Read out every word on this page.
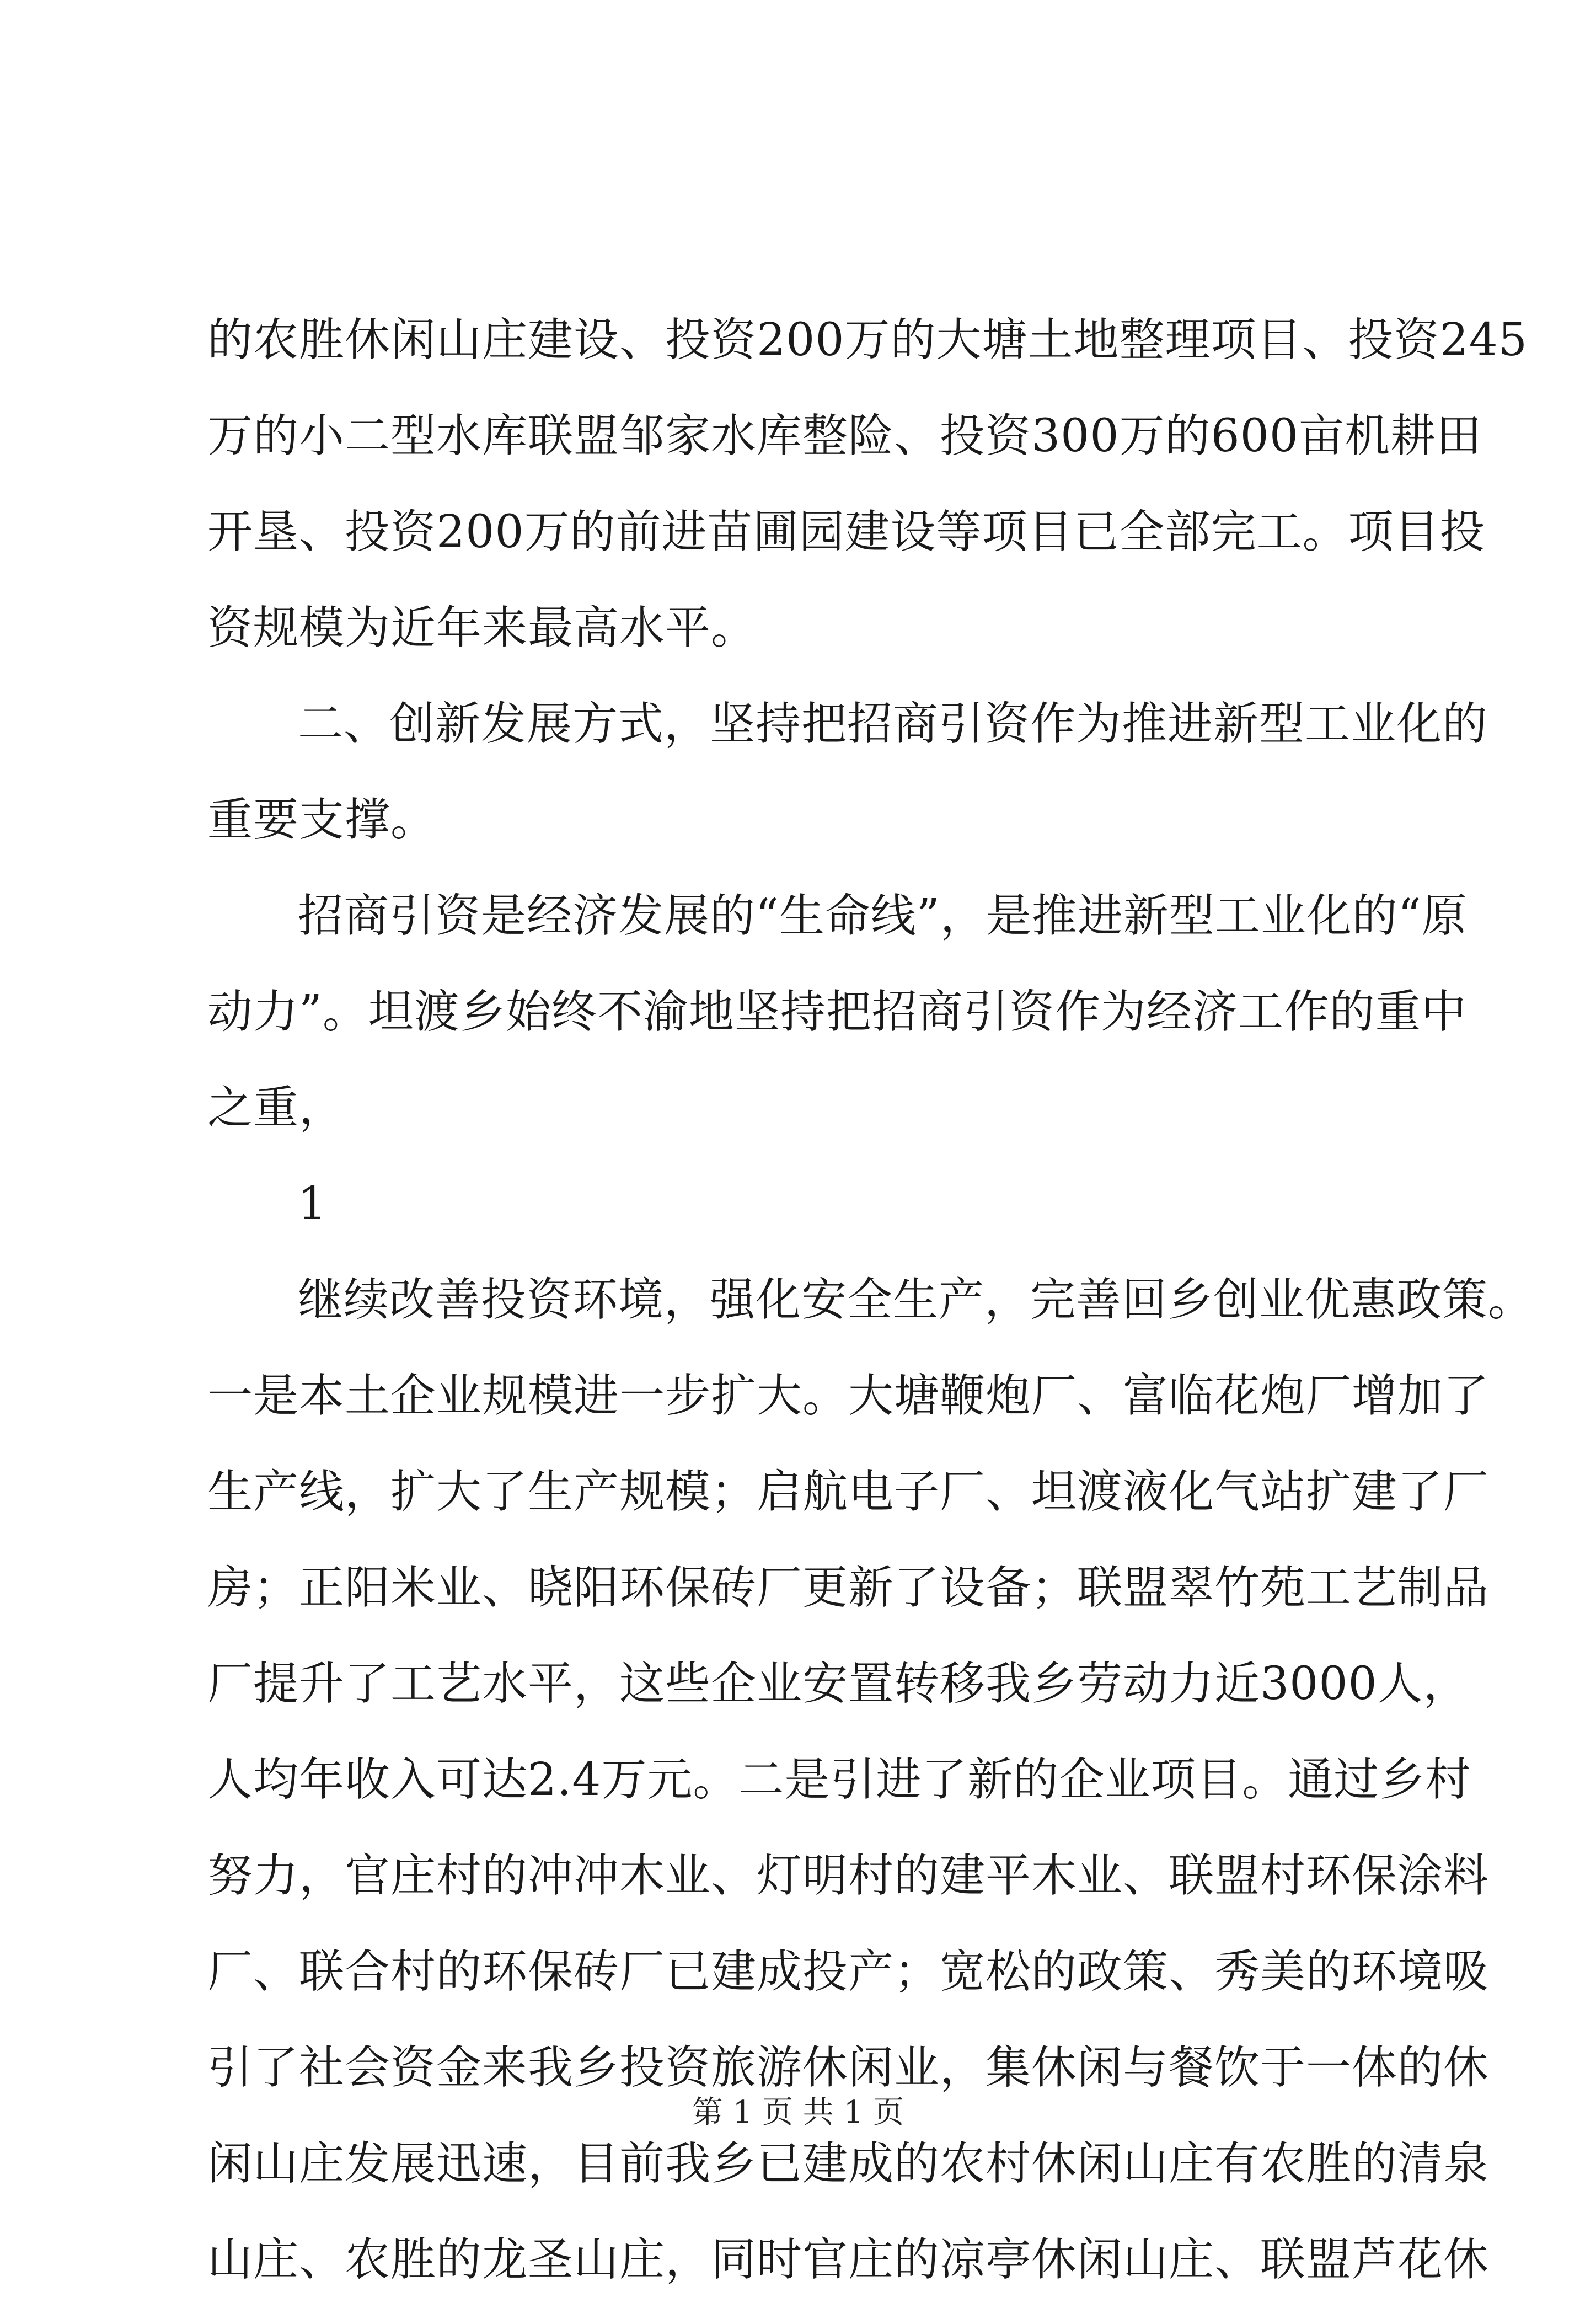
的农胜休闲山庄建设、投资200万的大塘土地整理项目、投资245
万的小二型水库联盟邹家水库整险、投资300万的600亩机耕田
开垦、投资200万的前进苗圃园建设等项目已全部完工。项目投
资规模为近年来最高水平。
二、创新发展方式，坚持把招商引资作为推进新型工业化的
重要支撑。
招商引资是经济发展的“生命线”，是推进新型工业化的“原
动力”。坦渡乡始终不渝地坚持把招商引资作为经济工作的重中
之重，
1
继续改善投资环境，强化安全生产，完善回乡创业优惠政策。
一是本土企业规模进一步扩大。大塘鞭炮厂、富临花炮厂增加了
生产线，扩大了生产规模；启航电子厂、坦渡液化气站扩建了厂
房；正阳米业、晓阳环保砖厂更新了设备；联盟翠竹苑工艺制品
厂提升了工艺水平，这些企业安置转移我乡劳动力近3000人，
人均年收入可达2.4万元。二是引进了新的企业项目。通过乡村
努力，官庄村的冲冲木业、灯明村的建平木业、联盟村环保涂料
厂、联合村的环保砖厂已建成投产；宽松的政策、秀美的环境吸
引了社会资金来我乡投资旅游休闲业，集休闲与餐饮于一体的休
闲山庄发展迅速，目前我乡已建成的农村休闲山庄有农胜的清泉
山庄、农胜的龙圣山庄，同时官庄的凉亭休闲山庄、联盟芦花休
第 1 页 共 1 页
